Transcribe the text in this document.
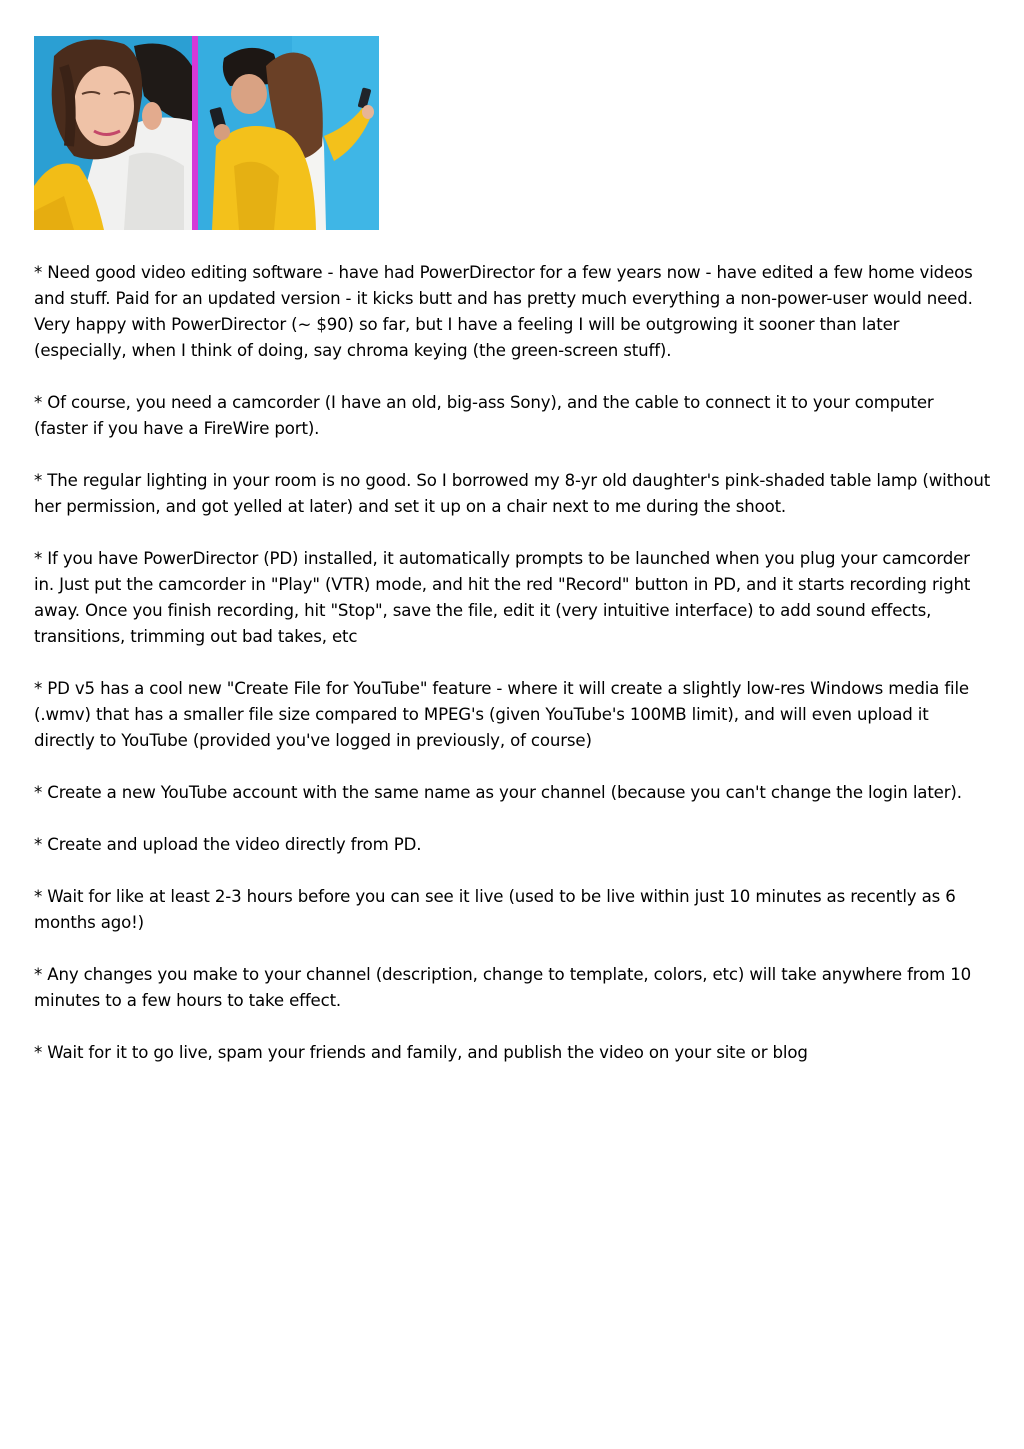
* Need good video editing software - have had PowerDirector for a few years now - have edited a few home videos and stuff. Paid for an updated version - it kicks butt and has pretty much everything a non-power-user would need. Very happy with PowerDirector (~ $90) so far, but I have a feeling I will be outgrowing it sooner than later (especially, when I think of doing, say chroma keying (the green-screen stuff).

* Of course, you need a camcorder (I have an old, big-ass Sony), and the cable to connect it to your computer (faster if you have a FireWire port).

* The regular lighting in your room is no good. So I borrowed my 8-yr old daughter's pink-shaded table lamp (without her permission, and got yelled at later) and set it up on a chair next to me during the shoot.

* If you have PowerDirector (PD) installed, it automatically prompts to be launched when you plug your camcorder in. Just put the camcorder in "Play" (VTR) mode, and hit the red "Record" button in PD, and it starts recording right away. Once you finish recording, hit "Stop", save the file, edit it (very intuitive interface) to add sound effects, transitions, trimming out bad takes, etc

* PD v5 has a cool new "Create File for YouTube" feature - where it will create a slightly low-res Windows media file (.wmv) that has a smaller file size compared to MPEG's (given YouTube's 100MB limit), and will even upload it directly to YouTube (provided you've logged in previously, of course)

* Create a new YouTube account with the same name as your channel (because you can't change the login later).

* Create and upload the video directly from PD.

* Wait for like at least 2-3 hours before you can see it live (used to be live within just 10 minutes as recently as 6 months ago!)

* Any changes you make to your channel (description, change to template, colors, etc) will take anywhere from 10 minutes to a few hours to take effect.

* Wait for it to go live, spam your friends and family, and publish the video on your site or blog
